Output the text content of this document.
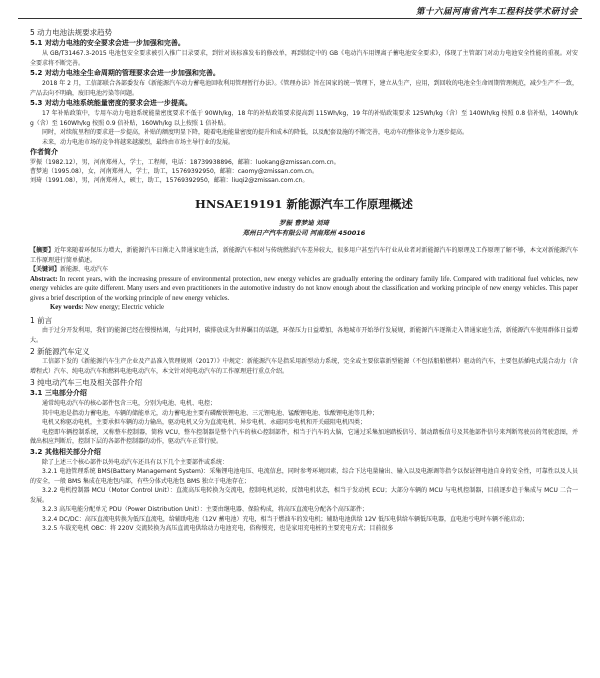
第十六届河南省汽车工程科技学术研讨会

5 动力电池法规要求趋势

5.1 对动力电池的安全要求会进一步加强和完善。

从 GB/T31467.3-2015 电池包安全要求被引入推广目录要求，到针对该标准发布的修改单，再到制定中的 GB《电动汽车用锂离子蓄电池安全要求》，体现了主管部门对动力电池安全性能的重视。对安全要求将不断完善。

5.2 对动力电池全生命周期的管理要求会进一步加强和完善。

2018 年 2 月，工信部联合各部委发布《新能源汽车动力蓄电池回收利用管理暂行办法》。《管理办法》旨在国家的统一管理下，建立从生产，应用，到回收的电池全生命周期管理规范，减少生产不一致，产品去向不明确，废旧电池污染等问题。

5.3 对动力电池系统能量密度的要求会进一步提高。

17 年补贴政策中，专用车动力电池系统能量密度要求不低于 90Wh/kg，18 年的补贴政策要求提高到 115Wh/kg，19 年的补贴政策要求 125Wh/kg（含）至 140Wh/kg 按照 0.8 倍补贴，140Wh/kg（含）至 160Wh/kg 按照 0.9 倍补贴，160Wh/kg 以上按照 1 倍补贴。

同时，对续航里程的要求进一步提高，补贴的额度明显下降，随着电池能量密度的提升和成本的降低，以及配套设施的不断完善，电动车的整体竞争力逐步提高。

未来，动力电池市场的竞争将越来越激烈，最终由市场主导行业的发展。

作者简介

罗振（1982.12），男，河南郑州人，学士，工程师，电话：18739938896，邮箱：luokang@zmissan.com.cn。

曹梦迪（1995.08），女，河南郑州人，学士，助工，15769392950，邮箱：caomy@zmissan.com.cn。

刘琦（1991.08），男，河南郑州人，硕士，助工，15769392950，邮箱：liuqi2@zmissan.com.cn。

HNSAE19191 新能源汽车工作原理概述

罗振 曹梦迪 刘琦

郑州日产汽车有限公司 河南郑州 450016

【摘要】近年来随着环保压力增大，新能源汽车日渐走入普通家庭生活，新能源汽车相对与传统燃油汽车差异较大，很多用户甚至汽车行业从业者对新能源汽车的原理及工作原理了解不够，本文对新能源汽车工作原理进行简单描述。

【关键词】新能源、电动汽车

Abstract: In recent years, with the increasing pressure of environmental protection, new energy vehicles are gradually entering the ordinary family life. Compared with traditional fuel vehicles, new energy vehicles are quite different. Many users and even practitioners in the automotive industry do not know enough about the classification and working principle of new energy vehicles. This paper gives a brief description of the working principle of new energy vehicles.

Key words: New energy; Electric vehicle

1 前言

由于过分开发利用，我们的能源已经在慢慢枯竭，与此同时，碳排放成为世界瞩目的话题，环保压力日益增加，各地城市开始举行发展规，新能源汽车逐渐走入普通家庭生活，新能源汽车使用群体日益增大。

2 新能源汽车定义

工信部下发的《新能源汽车生产企业及产品准入管理规则（2017）》中规定：新能源汽车是指采用新型动力系统，完全或主要依靠新型能源（不包括船舶燃料）驱动的汽车，主要包括插电式混合动力（含增程式）汽车、纯电动汽车和燃料电池电动汽车，本文针对纯电动汽车的工作原理进行重点介绍。

3 纯电动汽车三电及相关部件介绍

3.1 三电部分介绍

通常纯电动汽车的核心部件包含三电，分别为电池、电机、电控；

其中电池是指动力蓄电池，车辆的储能单元，动力蓄电池主要有磷酸铁锂电池、三元锂电池、锰酸锂电池、钛酸锂电池等几种；

电机又称驱动电机，主要承担车辆的动力输出，驱动电机又分为直流电机、异步电机、永磁同步电机和开关磁阻电机四类；

电控即车辆控制系统，又称整车控制器，简称 VCU，整车控制器是整个汽车的核心控制部件，相当于汽车的大脑，它通过采集加速踏板信号、制动踏板信号及其他部件信号来判断驾驶员的驾驶意图，并做出相应判断后，控制下层的各部件控制器的动作，驱动汽车正常行驶。

3.2 其他相关部分介绍

除了上述三个核心部件以外电动汽车还具有以下几个主要部件或系统：

3.2.1 电池管理系统 BMS(Battery Management System)：采集锂电池电压、电流信息，同时参考环境因素，综合下达电量输出、输入以及电源调等指令以保证锂电池自身的安全性，可靠性以及人员的安全，一般 BMS 集成在电池包内部，有些分体式电池包 BMS 独立于电池存在；

3.2.2 电机控制器 MCU（Motor Control Unit）：直流高压电转换为交流电，控制电机运转，反馈电机状态，相当于发动机 ECU；大部分车辆的 MCU 与电机控制器，目前逐步趋于集成与 MCU 二合一发展。

3.2.3 高压电能分配单元 PDU（Power Distribution Unit）：主要由继电器、保险构成，将高压直流电分配各个高压部件；

3.2.4 DC/DC：高压直流电转换为低压直流电，给辅助电池（12V 蓄电池）充电，相当于燃油车的发电机；辅助电池供给 12V 低压电供给车辆低压电器，直电池亏电时车辆不能启动；

3.2.5 车载充电机 OBC：将 220V 交流转换为高压直流电供给动力电池充电，俗称慢充，也是家用充电桩的主要充电方式；目前很多
